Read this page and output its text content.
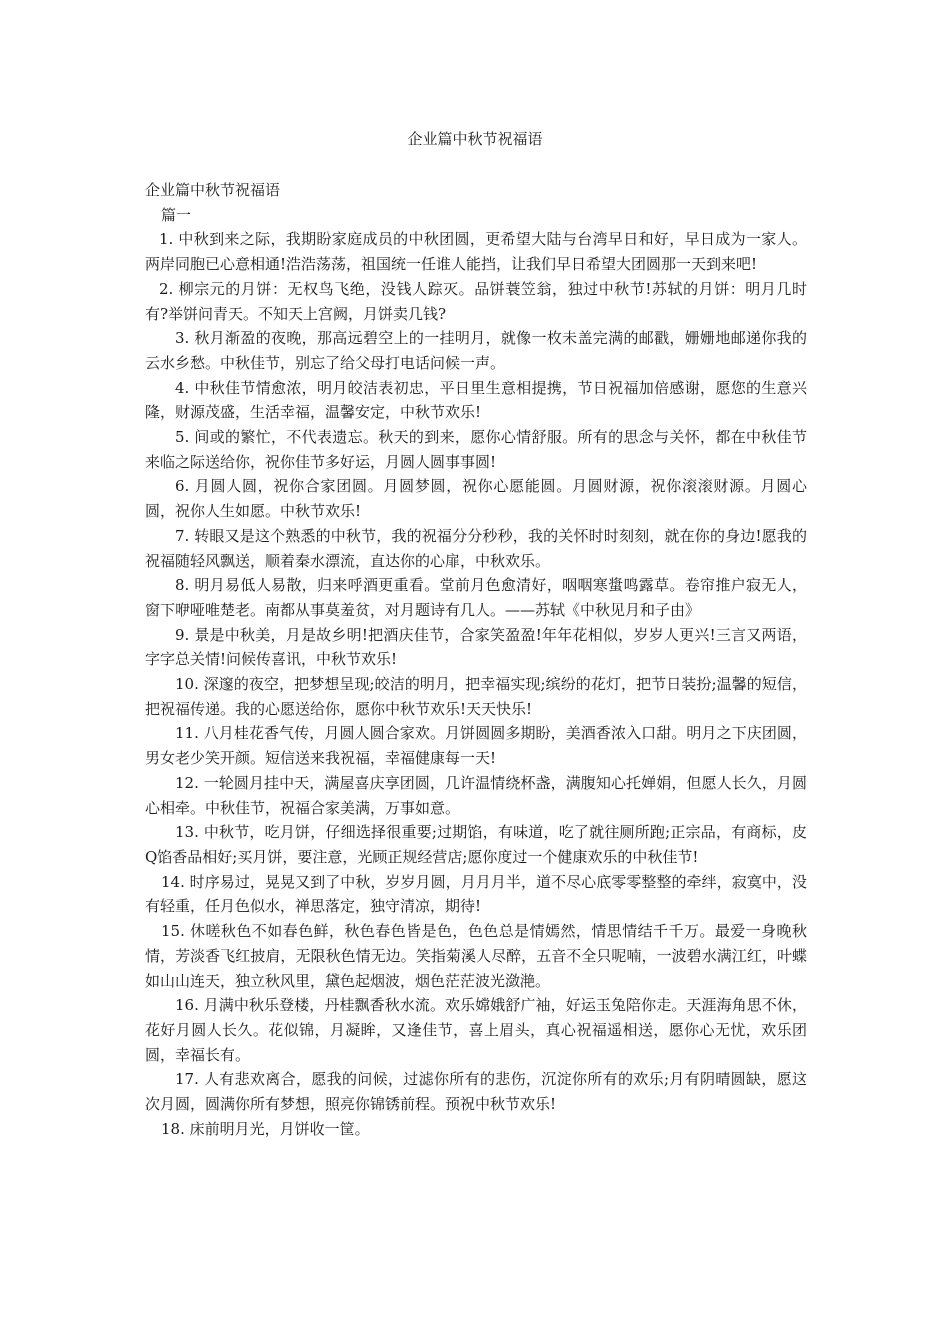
企业篇中秋节祝福语

企业篇中秋节祝福语

篇一

1. 中秋到来之际，我期盼家庭成员的中秋团圆，更希望大陆与台湾早日和好，早日成为一家人。两岸同胞已心意相通!浩浩荡荡，祖国统一任谁人能挡，让我们早日希望大团圆那一天到来吧!

2. 柳宗元的月饼：无权鸟飞绝，没钱人踪灭。品饼蓑笠翁，独过中秋节!苏轼的月饼：明月几时有?举饼问青天。不知天上宫阙，月饼卖几钱?

3. 秋月渐盈的夜晚，那高远碧空上的一挂明月，就像一枚未盖完满的邮戳，姗姗地邮递你我的云水乡愁。中秋佳节，别忘了给父母打电话问候一声。

4. 中秋佳节情愈浓，明月皎洁表初忠，平日里生意相提携，节日祝福加倍感谢，愿您的生意兴隆，财源茂盛，生活幸福，温馨安定，中秋节欢乐!

5. 间或的繁忙，不代表遗忘。秋天的到来，愿你心情舒服。所有的思念与关怀，都在中秋佳节来临之际送给你，祝你佳节多好运，月圆人圆事事圆!

6. 月圆人圆，祝你合家团圆。月圆梦圆，祝你心愿能圆。月圆财源，祝你滚滚财源。月圆心圆，祝你人生如愿。中秋节欢乐!

7. 转眼又是这个熟悉的中秋节，我的祝福分分秒秒，我的关怀时时刻刻，就在你的身边!愿我的祝福随轻风飘送，顺着秦水漂流，直达你的心扉，中秋欢乐。

8. 明月易低人易散，归来呼酒更重看。堂前月色愈清好，咽咽寒螀鸣露草。卷帘推户寂无人，窗下咿哑唯楚老。南都从事莫羞贫，对月题诗有几人。——苏轼《中秋见月和子由》

9. 景是中秋美，月是故乡明!把酒庆佳节，合家笑盈盈!年年花相似，岁岁人更兴!三言又两语，字字总关情!问候传喜讯，中秋节欢乐!

10. 深邃的夜空，把梦想呈现;皎洁的明月，把幸福实现;缤纷的花灯，把节日装扮;温馨的短信，把祝福传递。我的心愿送给你，愿你中秋节欢乐!天天快乐!

11. 八月桂花香气传，月圆人圆合家欢。月饼圆圆多期盼，美酒香浓入口甜。明月之下庆团圆，男女老少笑开颜。短信送来我祝福，幸福健康每一天!

12. 一轮圆月挂中天，满屋喜庆享团圆，几许温情绕杯盏，满腹知心托婵娟，但愿人长久，月圆心相牵。中秋佳节，祝福合家美满，万事如意。

13. 中秋节，吃月饼，仔细选择很重要;过期馅，有味道，吃了就往厕所跑;正宗品，有商标，皮Q馅香品相好;买月饼，要注意，光顾正规经营店;愿你度过一个健康欢乐的中秋佳节!

14. 时序易过，晃晃又到了中秋，岁岁月圆，月月月半，道不尽心底零零整整的牵绊，寂寞中，没有轻重，任月色似水，禅思落定，独守清凉，期待!

15. 休嗟秋色不如春色鲜，秋色春色皆是色，色色总是情嫣然，情思情结千千万。最爱一身晚秋情，芳淡香飞红披肩，无限秋色情无边。笑指菊溪人尽醉，五音不全只呢喃，一波碧水满江红，叶蝶如山山连天，独立秋风里，黛色起烟波，烟色茫茫波光潋滟。

16. 月满中秋乐登楼，丹桂飘香秋水流。欢乐嫦娥舒广袖，好运玉兔陪你走。天涯海角思不休，花好月圆人长久。花似锦，月凝眸，又逢佳节，喜上眉头，真心祝福遥相送，愿你心无忧，欢乐团圆，幸福长有。

17. 人有悲欢离合，愿我的问候，过滤你所有的悲伤，沉淀你所有的欢乐;月有阴晴圆缺，愿这次月圆，圆满你所有梦想，照亮你锦锈前程。预祝中秋节欢乐!

18. 床前明月光，月饼收一筐。
